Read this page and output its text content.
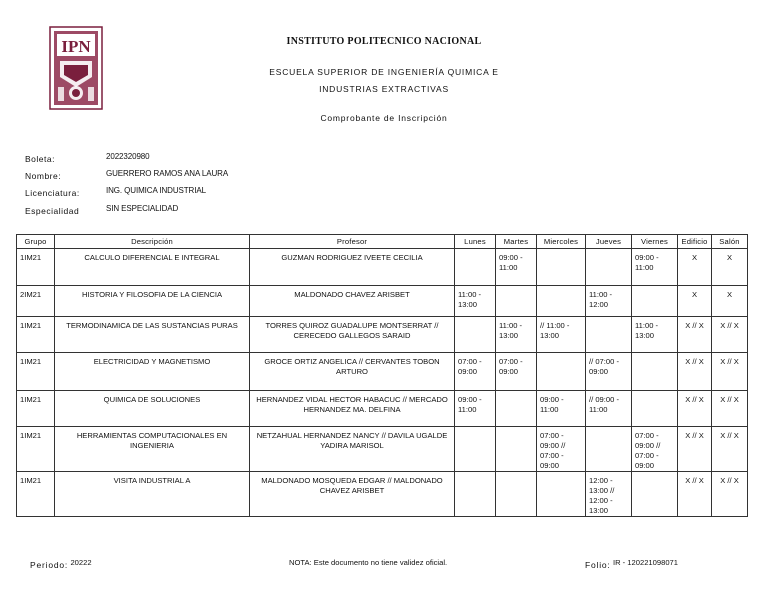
IPN	INSTITUTO POLITECNICO NACIONAL
ESCUELA SUPERIOR DE INGENIERÍA QUIMICA E
INDUSTRIAS EXTRACTIVAS
Comprobante de Inscripción
Boleta:	2022320980
Nombre:	GUERRERO RAMOS ANA LAURA
Licenciatura:	ING. QUIMICA INDUSTRIAL
Especialidad	SIN ESPECIALIDAD
Grupo	Descripción	Profesor	Lunes	Martes	Miercoles	Jueves	Viernes	Edificio	Salón
1IM21	CALCULO DIFERENCIAL E INTEGRAL	GUZMAN RODRIGUEZ IVEETE CECILIA		09:00 - 11:00			09:00 - 11:00	X	X
2IM21	HISTORIA Y FILOSOFIA DE LA CIENCIA	MALDONADO CHAVEZ ARISBET	11:00 - 13:00			11:00 - 12:00		X	X
1IM21	TERMODINAMICA DE LAS SUSTANCIAS PURAS	TORRES QUIROZ GUADALUPE MONTSERRAT // CERECEDO GALLEGOS SARAID		11:00 - 13:00	// 11:00 - 13:00		11:00 - 13:00	X // X	X // X
1IM21	ELECTRICIDAD Y MAGNETISMO	GROCE ORTIZ ANGELICA // CERVANTES TOBON ARTURO	07:00 - 09:00	07:00 - 09:00		// 07:00 - 09:00		X // X	X // X
1IM21	QUIMICA DE SOLUCIONES	HERNANDEZ VIDAL HECTOR HABACUC // MERCADO HERNANDEZ MA. DELFINA	09:00 - 11:00		09:00 - 11:00	// 09:00 - 11:00		X // X	X // X
1IM21	HERRAMIENTAS COMPUTACIONALES EN INGENIERIA	NETZAHUAL HERNANDEZ NANCY // DAVILA UGALDE YADIRA MARISOL			07:00 - 09:00 // 07:00 - 09:00		07:00 - 09:00 // 07:00 - 09:00	X // X	X // X
1IM21	VISITA INDUSTRIAL A	MALDONADO MOSQUEDA EDGAR // MALDONADO CHAVEZ ARISBET				12:00 - 13:00 // 12:00 - 13:00		X // X	X // X
Periodo: 20222	NOTA: Este documento no tiene validez oficial.	Folio: IR - 120221098071
